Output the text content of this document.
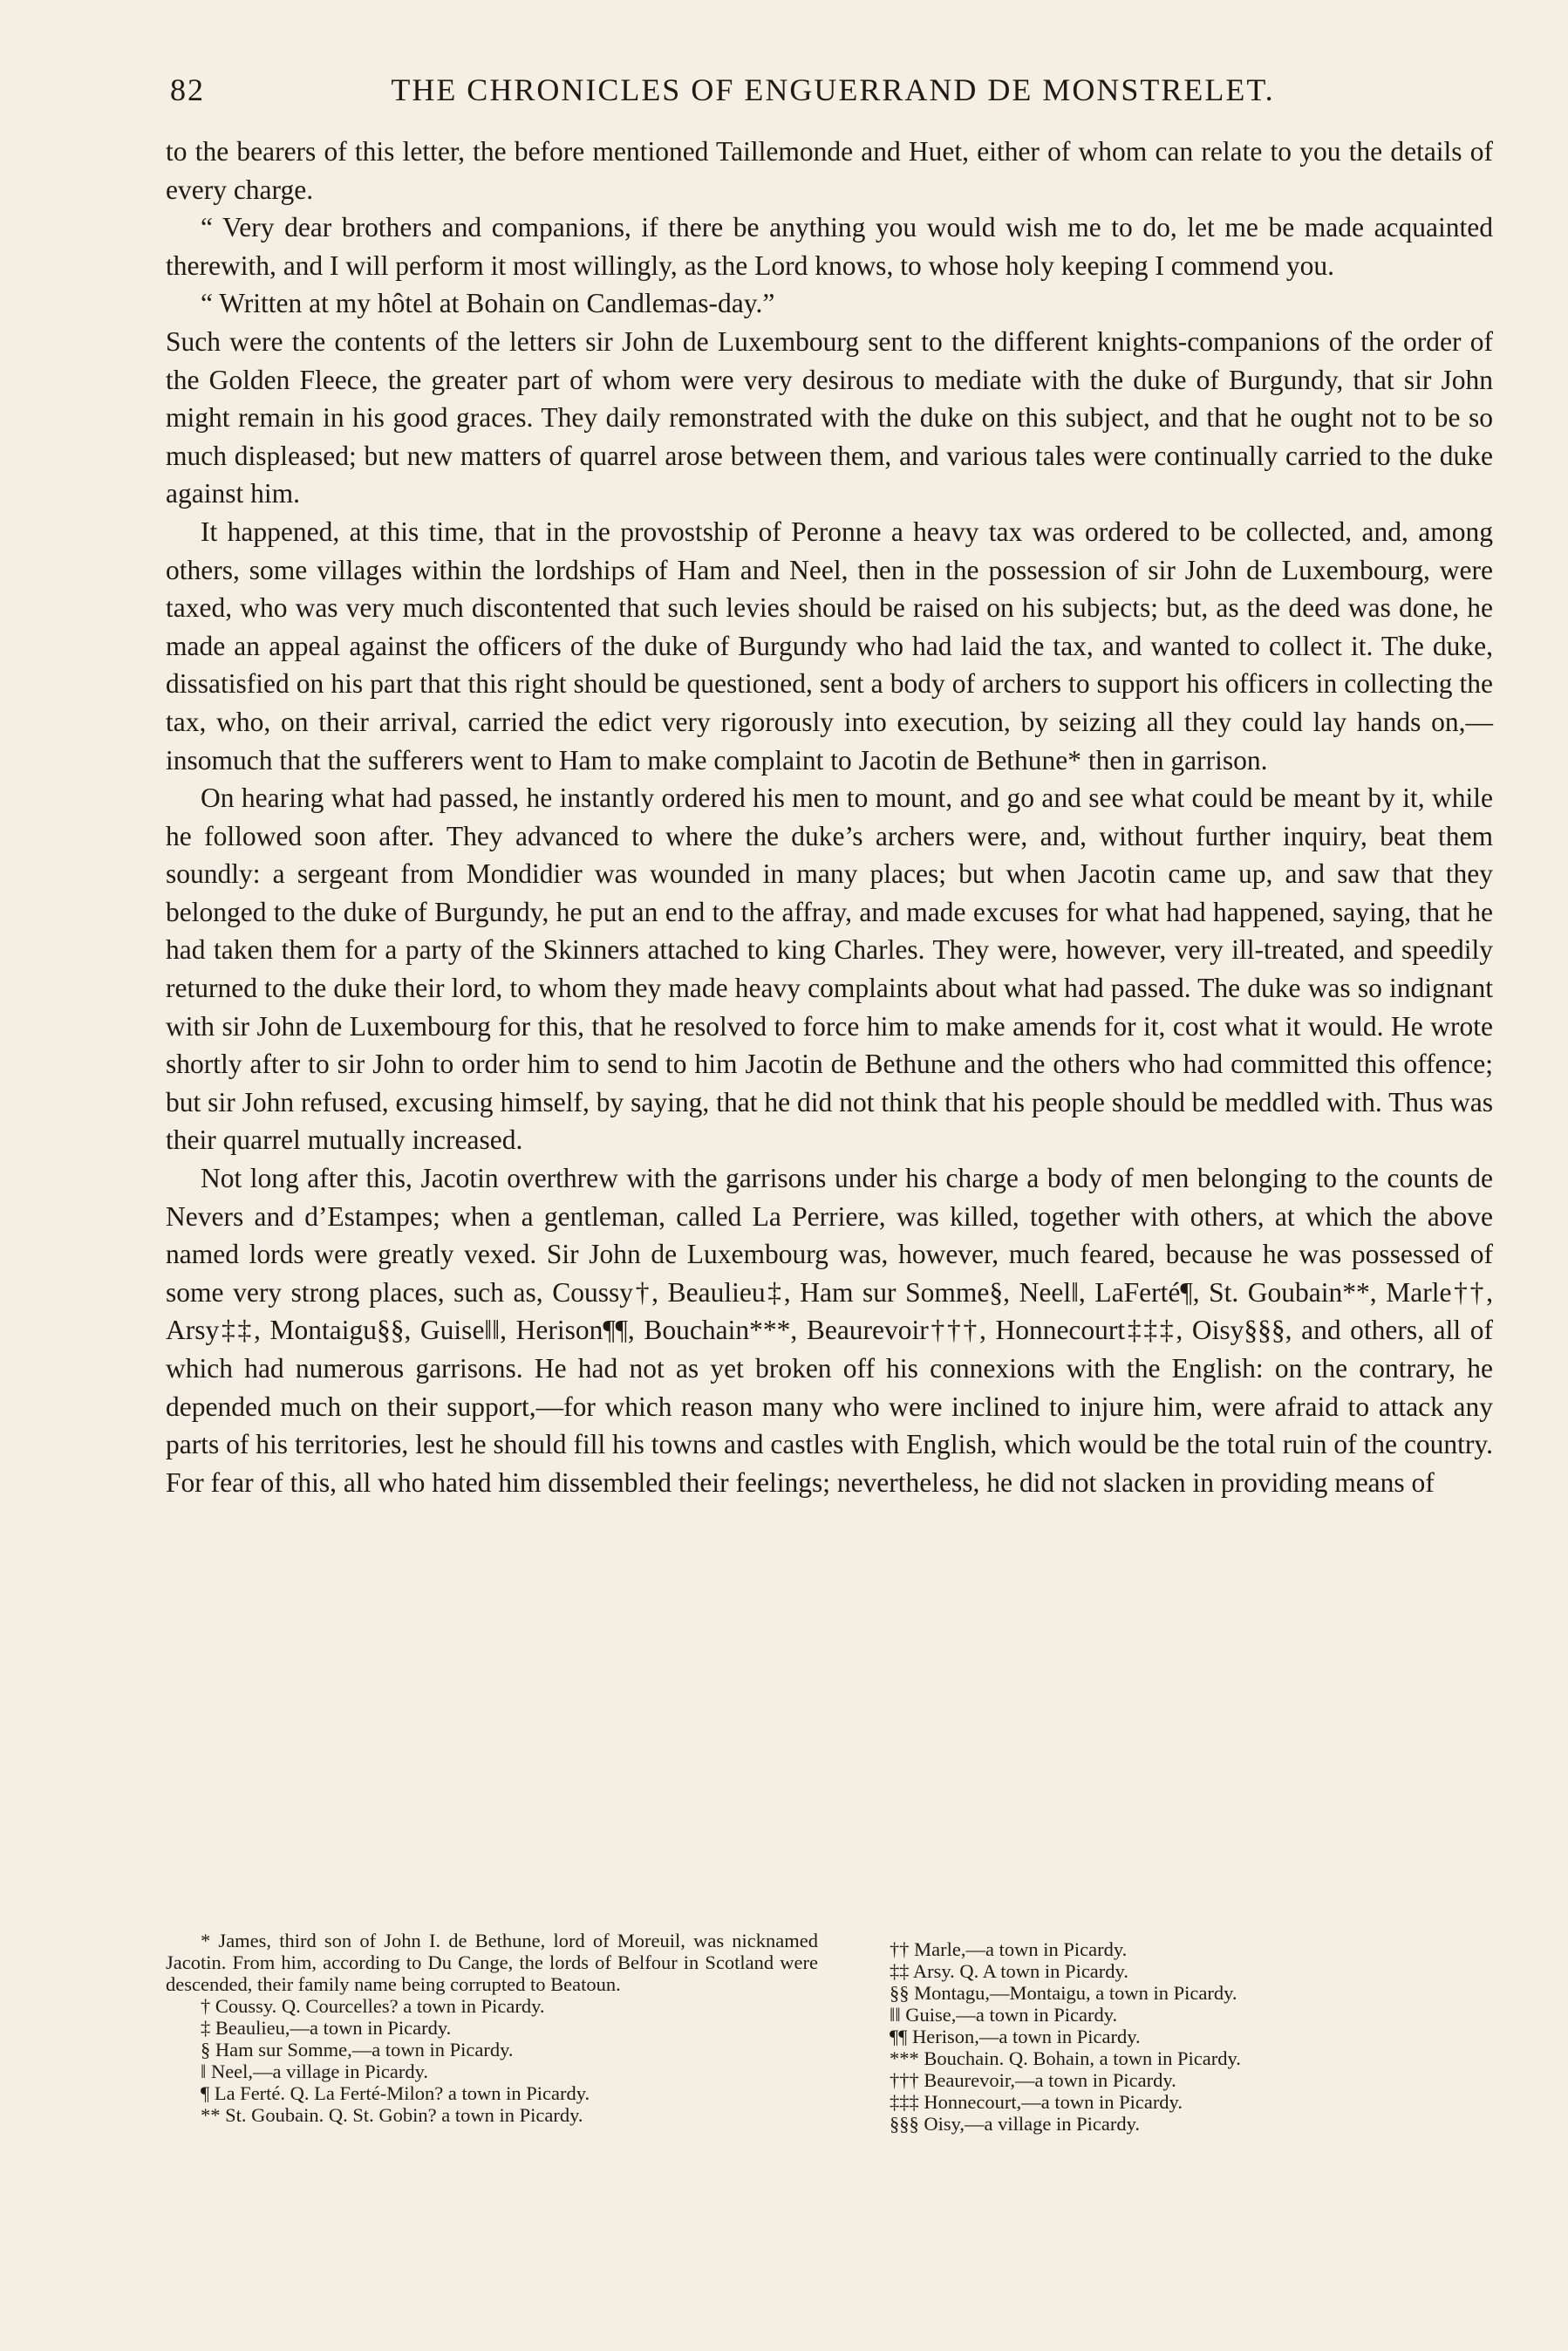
82	THE CHRONICLES OF ENGUERRAND DE MONSTRELET.

to the bearers of this letter, the before mentioned Taillemonde and Huet, either of whom can relate to you the details of every charge.

“ Very dear brothers and companions, if there be anything you would wish me to do, let me be made acquainted therewith, and I will perform it most willingly, as the Lord knows, to whose holy keeping I commend you.

“ Written at my hôtel at Bohain on Candlemas-day.”

Such were the contents of the letters sir John de Luxembourg sent to the different knights-companions of the order of the Golden Fleece, the greater part of whom were very desirous to mediate with the duke of Burgundy, that sir John might remain in his good graces. They daily remonstrated with the duke on this subject, and that he ought not to be so much displeased; but new matters of quarrel arose between them, and various tales were continually carried to the duke against him.

It happened, at this time, that in the provostship of Peronne a heavy tax was ordered to be collected, and, among others, some villages within the lordships of Ham and Neel, then in the possession of sir John de Luxembourg, were taxed, who was very much discontented that such levies should be raised on his subjects; but, as the deed was done, he made an appeal against the officers of the duke of Burgundy who had laid the tax, and wanted to collect it. The duke, dissatisfied on his part that this right should be questioned, sent a body of archers to support his officers in collecting the tax, who, on their arrival, carried the edict very rigorously into execution, by seizing all they could lay hands on,—insomuch that the sufferers went to Ham to make complaint to Jacotin de Bethune* then in garrison.

On hearing what had passed, he instantly ordered his men to mount, and go and see what could be meant by it, while he followed soon after. They advanced to where the duke’s archers were, and, without further inquiry, beat them soundly: a sergeant from Mondidier was wounded in many places; but when Jacotin came up, and saw that they belonged to the duke of Burgundy, he put an end to the affray, and made excuses for what had happened, saying, that he had taken them for a party of the Skinners attached to king Charles. They were, however, very ill-treated, and speedily returned to the duke their lord, to whom they made heavy complaints about what had passed. The duke was so indignant with sir John de Luxembourg for this, that he resolved to force him to make amends for it, cost what it would. He wrote shortly after to sir John to order him to send to him Jacotin de Bethune and the others who had committed this offence; but sir John refused, excusing himself, by saying, that he did not think that his people should be meddled with. Thus was their quarrel mutually increased.

Not long after this, Jacotin overthrew with the garrisons under his charge a body of men belonging to the counts de Nevers and d’Estampes; when a gentleman, called La Perriere, was killed, together with others, at which the above named lords were greatly vexed. Sir John de Luxembourg was, however, much feared, because he was possessed of some very strong places, such as, Coussy†, Beaulieu‡, Ham sur Somme§, Neel‖, LaFerté¶, St. Goubain**, Marle††, Arsy‡‡, Montaigu§§, Guise‖‖, Herison¶¶, Bouchain***, Beaurevoir†††, Honnecourt‡‡‡, Oisy§§§, and others, all of which had numerous garrisons. He had not as yet broken off his connexions with the English: on the contrary, he depended much on their support,—for which reason many who were inclined to injure him, were afraid to attack any parts of his territories, lest he should fill his towns and castles with English, which would be the total ruin of the country. For fear of this, all who hated him dissembled their feelings; nevertheless, he did not slacken in providing means of

* James, third son of John I. de Bethune, lord of Moreuil, was nicknamed Jacotin. From him, according to Du Cange, the lords of Belfour in Scotland were descended, their family name being corrupted to Beatoun.

† Coussy. Q. Courcelles? a town in Picardy.

‡ Beaulieu,—a town in Picardy.

§ Ham sur Somme,—a town in Picardy.

‖ Neel,—a village in Picardy.

¶ La Ferté. Q. La Ferté-Milon? a town in Picardy.

** St. Goubain. Q. St. Gobin? a town in Picardy.

†† Marle,—a town in Picardy.

‡‡ Arsy. Q. A town in Picardy.

§§ Montagu,—Montaigu, a town in Picardy.

‖‖ Guise,—a town in Picardy.

¶¶ Herison,—a town in Picardy.

*** Bouchain. Q. Bohain, a town in Picardy.

††† Beaurevoir,—a town in Picardy.

‡‡‡ Honnecourt,—a town in Picardy.

§§§ Oisy,—a village in Picardy.
